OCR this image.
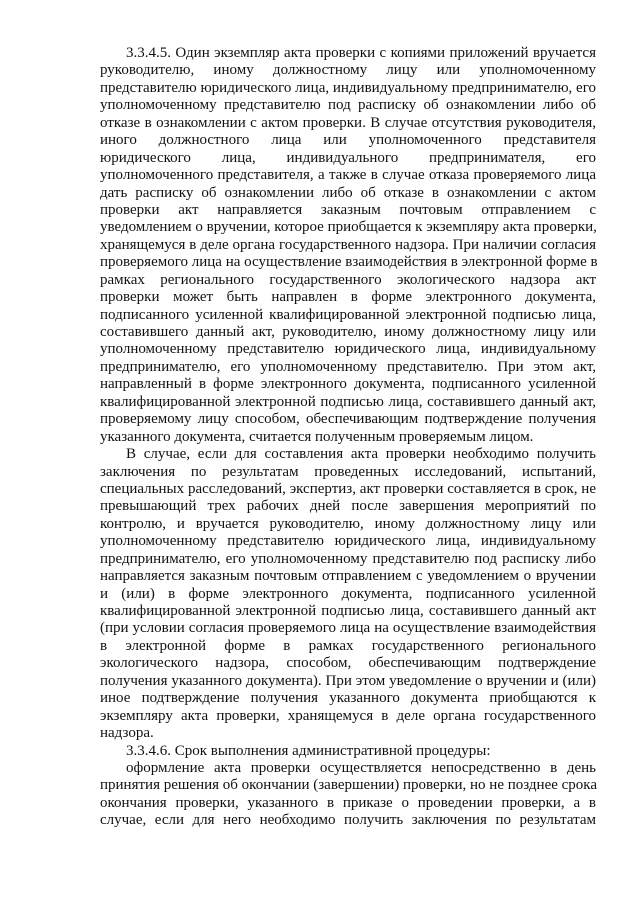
3.3.4.5. Один экземпляр акта проверки с копиями приложений вручается
руководителю, иному должностному лицу или уполномоченному
представителю юридического лица, индивидуальному предпринимателю, его
уполномоченному представителю под расписку об ознакомлении либо об
отказе в ознакомлении с актом проверки. В случае отсутствия руководителя,
иного должностного лица или уполномоченного представителя
юридического лица, индивидуального предпринимателя, его
уполномоченного представителя, а также в случае отказа проверяемого лица
дать расписку об ознакомлении либо об отказе в ознакомлении с актом
проверки акт направляется заказным почтовым отправлением с
уведомлением о вручении, которое приобщается к экземпляру акта проверки,
хранящемуся в деле органа государственного надзора. При наличии согласия
проверяемого лица на осуществление взаимодействия в электронной форме в
рамках регионального государственного экологического надзора акт
проверки может быть направлен в форме электронного документа,
подписанного усиленной квалифицированной электронной подписью лица,
составившего данный акт, руководителю, иному должностному лицу или
уполномоченному представителю юридического лица, индивидуальному
предпринимателю, его уполномоченному представителю. При этом акт,
направленный в форме электронного документа, подписанного усиленной
квалифицированной электронной подписью лица, составившего данный акт,
проверяемому лицу способом, обеспечивающим подтверждение получения
указанного документа, считается полученным проверяемым лицом.
В случае, если для составления акта проверки необходимо получить
заключения по результатам проведенных исследований, испытаний,
специальных расследований, экспертиз, акт проверки составляется в срок, не
превышающий трех рабочих дней после завершения мероприятий по
контролю, и вручается руководителю, иному должностному лицу или
уполномоченному представителю юридического лица, индивидуальному
предпринимателю, его уполномоченному представителю под расписку либо
направляется заказным почтовым отправлением с уведомлением о вручении
и (или) в форме электронного документа, подписанного усиленной
квалифицированной электронной подписью лица, составившего данный акт
(при условии согласия проверяемого лица на осуществление взаимодействия
в электронной форме в рамках государственного регионального
экологического надзора, способом, обеспечивающим подтверждение
получения указанного документа). При этом уведомление о вручении и (или)
иное подтверждение получения указанного документа приобщаются к
экземпляру акта проверки, хранящемуся в деле органа государственного
надзора.
3.3.4.6. Срок выполнения административной процедуры:
оформление акта проверки осуществляется непосредственно в день
принятия решения об окончании (завершении) проверки, но не позднее срока
окончания проверки, указанного в приказе о проведении проверки, а в
случае, если для него необходимо получить заключения по результатам
